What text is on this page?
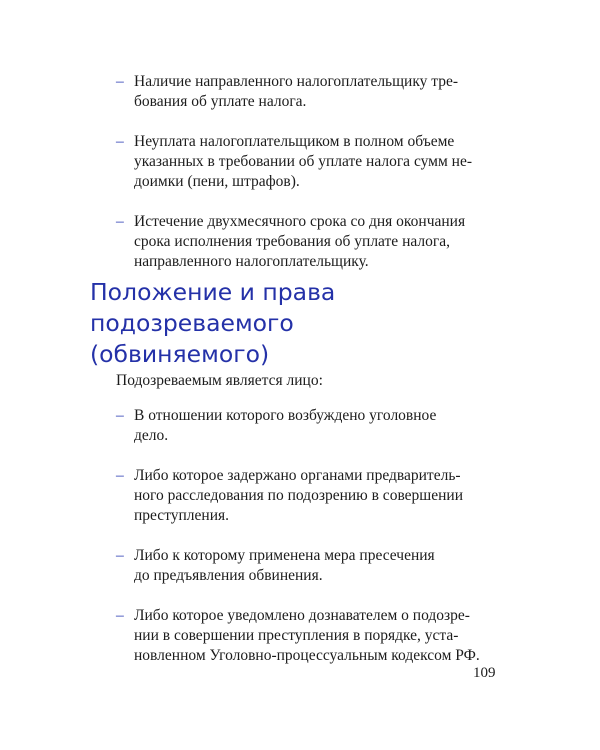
– Наличие направленного налогоплательщику тре-
бования об уплате налога.
– Неуплата налогоплательщиком в полном объеме
указанных в требовании об уплате налога сумм не-
доимки (пени, штрафов).
– Истечение двухмесячного срока со дня окончания
срока исполнения требования об уплате налога,
направленного налогоплательщику.
Положение и права
подозреваемого
(обвиняемого)
Подозреваемым является лицо:
– В отношении которого возбуждено уголовное
дело.
– Либо которое задержано органами предваритель-
ного расследования по подозрению в совершении
преступления.
– Либо к которому применена мера пресечения
до предъявления обвинения.
– Либо которое уведомлено дознавателем о подозре-
нии в совершении преступления в порядке, уста-
новленном Уголовно-процессуальным кодексом РФ.
109
